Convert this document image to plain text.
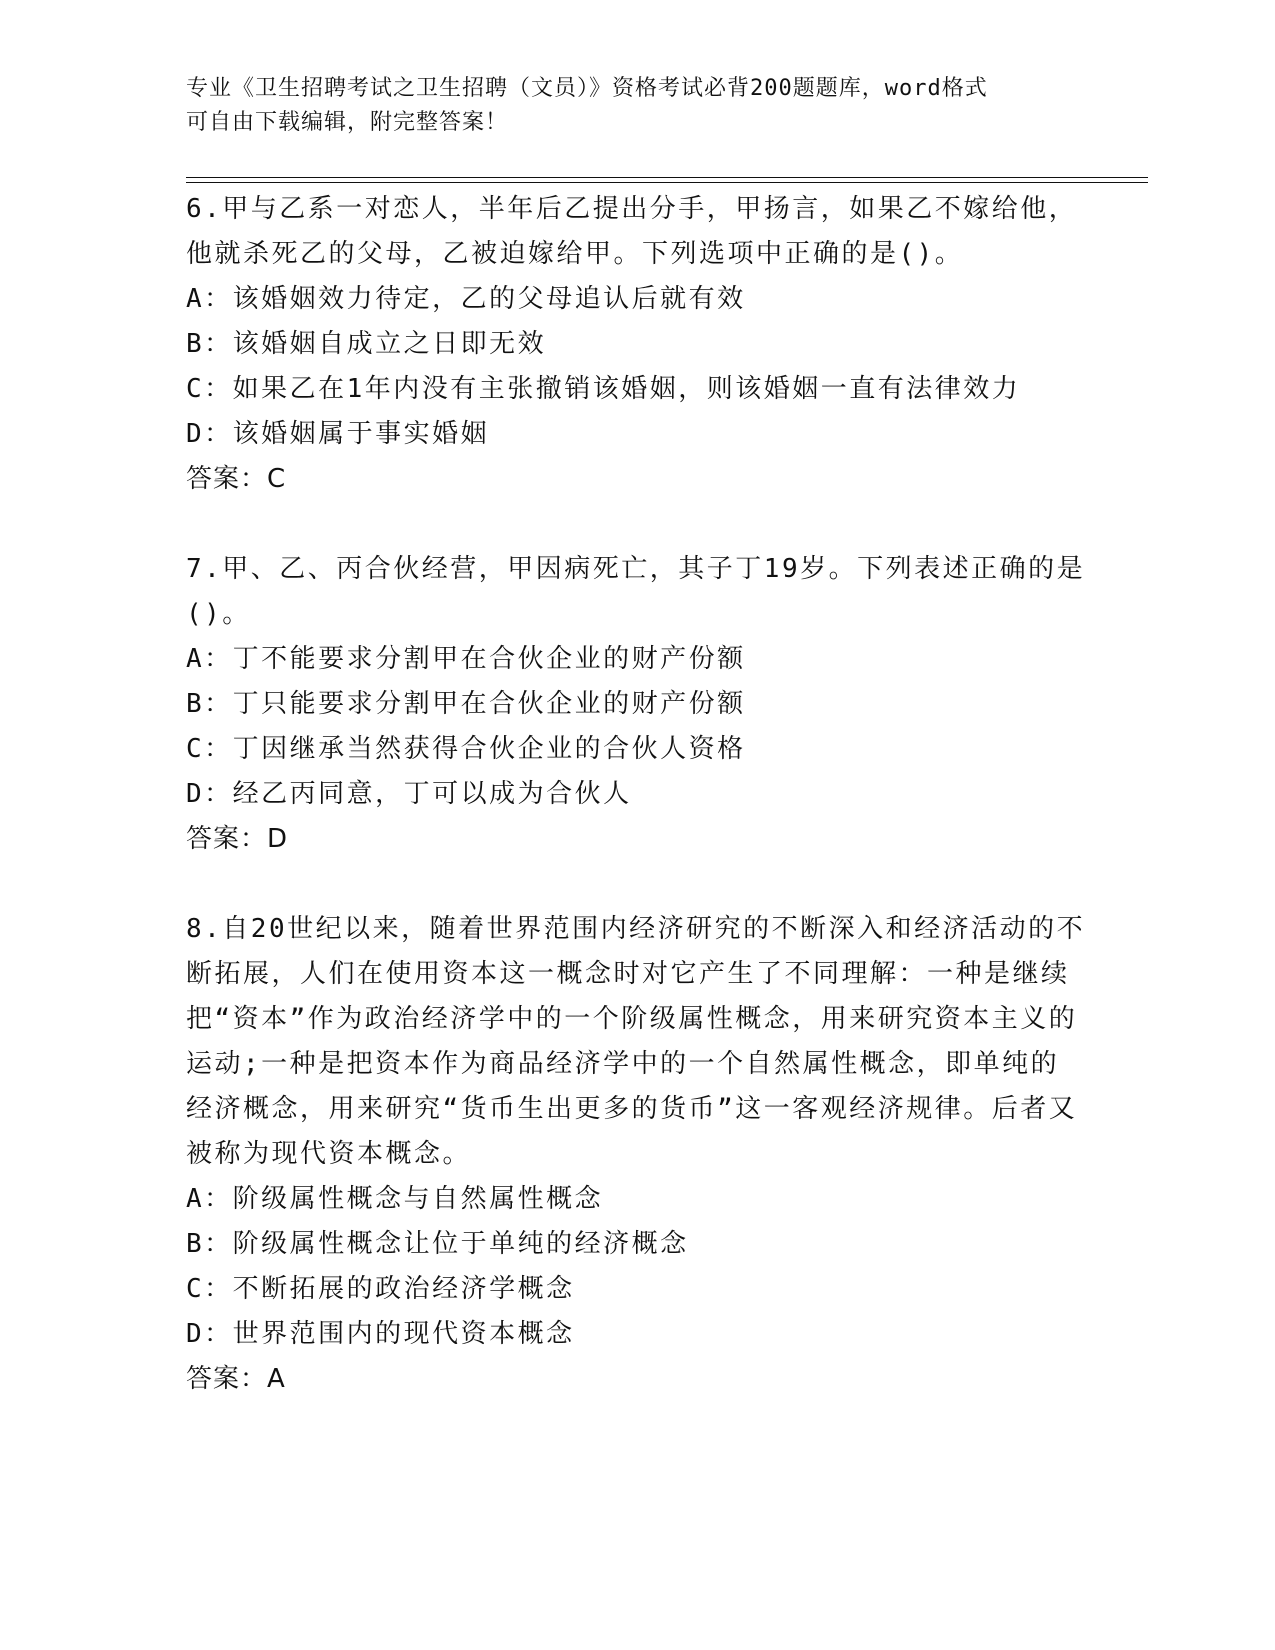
专业《卫生招聘考试之卫生招聘（文员）》资格考试必背200题题库，word格式
可自由下载编辑，附完整答案！
6.甲与乙系一对恋人，半年后乙提出分手，甲扬言，如果乙不嫁给他，他就杀死乙的父母，乙被迫嫁给甲。下列选项中正确的是()。
A：该婚姻效力待定，乙的父母追认后就有效
B：该婚姻自成立之日即无效
C：如果乙在1年内没有主张撤销该婚姻，则该婚姻一直有法律效力
D：该婚姻属于事实婚姻
答案：C
7.甲、乙、丙合伙经营，甲因病死亡，其子丁19岁。下列表述正确的是()。
A：丁不能要求分割甲在合伙企业的财产份额
B：丁只能要求分割甲在合伙企业的财产份额
C：丁因继承当然获得合伙企业的合伙人资格
D：经乙丙同意，丁可以成为合伙人
答案：D
8.自20世纪以来，随着世界范围内经济研究的不断深入和经济活动的不断拓展，人们在使用资本这一概念时对它产生了不同理解：一种是继续把“资本”作为政治经济学中的一个阶级属性概念，用来研究资本主义的运动;一种是把资本作为商品经济学中的一个自然属性概念，即单纯的经济概念，用来研究“货币生出更多的货币”这一客观经济规律。后者又被称为现代资本概念。
A：阶级属性概念与自然属性概念
B：阶级属性概念让位于单纯的经济概念
C：不断拓展的政治经济学概念
D：世界范围内的现代资本概念
答案：A
